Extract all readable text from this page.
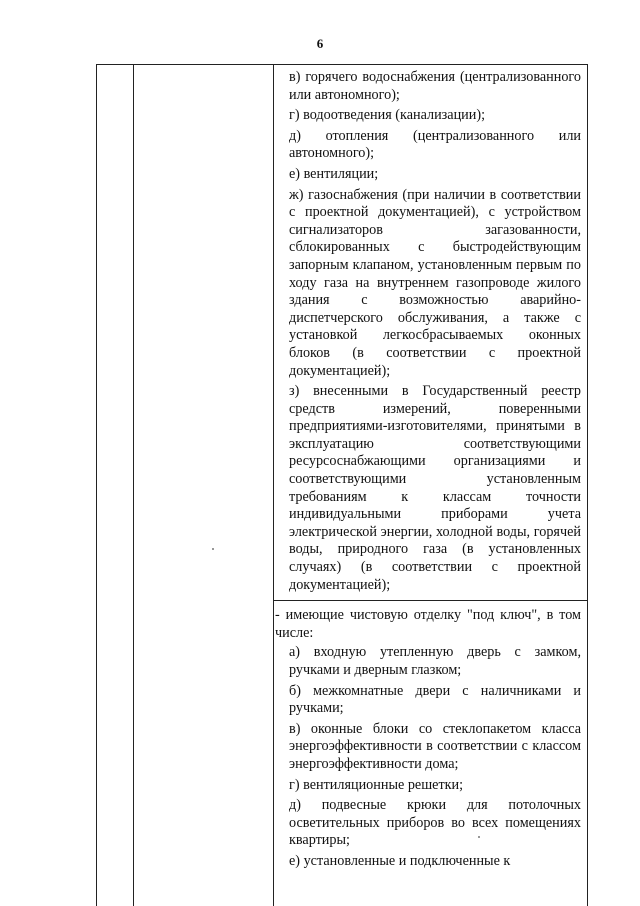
6
в) горячего водоснабжения (централизованного или автономного);
г) водоотведения (канализации);
д) отопления (централизованного или автономного);
е) вентиляции;
ж) газоснабжения (при наличии в соответствии с проектной документацией), с устройством сигнализаторов загазованности, сблокированных с быстродействующим запорным клапаном, установленным первым по ходу газа на внутреннем газопроводе жилого здания с возможностью аварийно-диспетчерского обслуживания, а также с установкой легкосбрасываемых оконных блоков (в соответствии с проектной документацией);
з) внесенными в Государственный реестр средств измерений, поверенными предприятиями-изготовителями, принятыми в эксплуатацию соответствующими ресурсоснабжающими организациями и соответствующими установленным требованиям к классам точности индивидуальными приборами учета электрической энергии, холодной воды, горячей воды, природного газа (в установленных случаях) (в соответствии с проектной документацией);
- имеющие чистовую отделку "под ключ", в том числе:
а) входную утепленную дверь с замком, ручками и дверным глазком;
б) межкомнатные двери с наличниками и ручками;
в) оконные блоки со стеклопакетом класса энергоэффективности в соответствии с классом энергоэффективности дома;
г) вентиляционные решетки;
д) подвесные крюки для потолочных осветительных приборов во всех помещениях квартиры;
е) установленные и подключенные к
